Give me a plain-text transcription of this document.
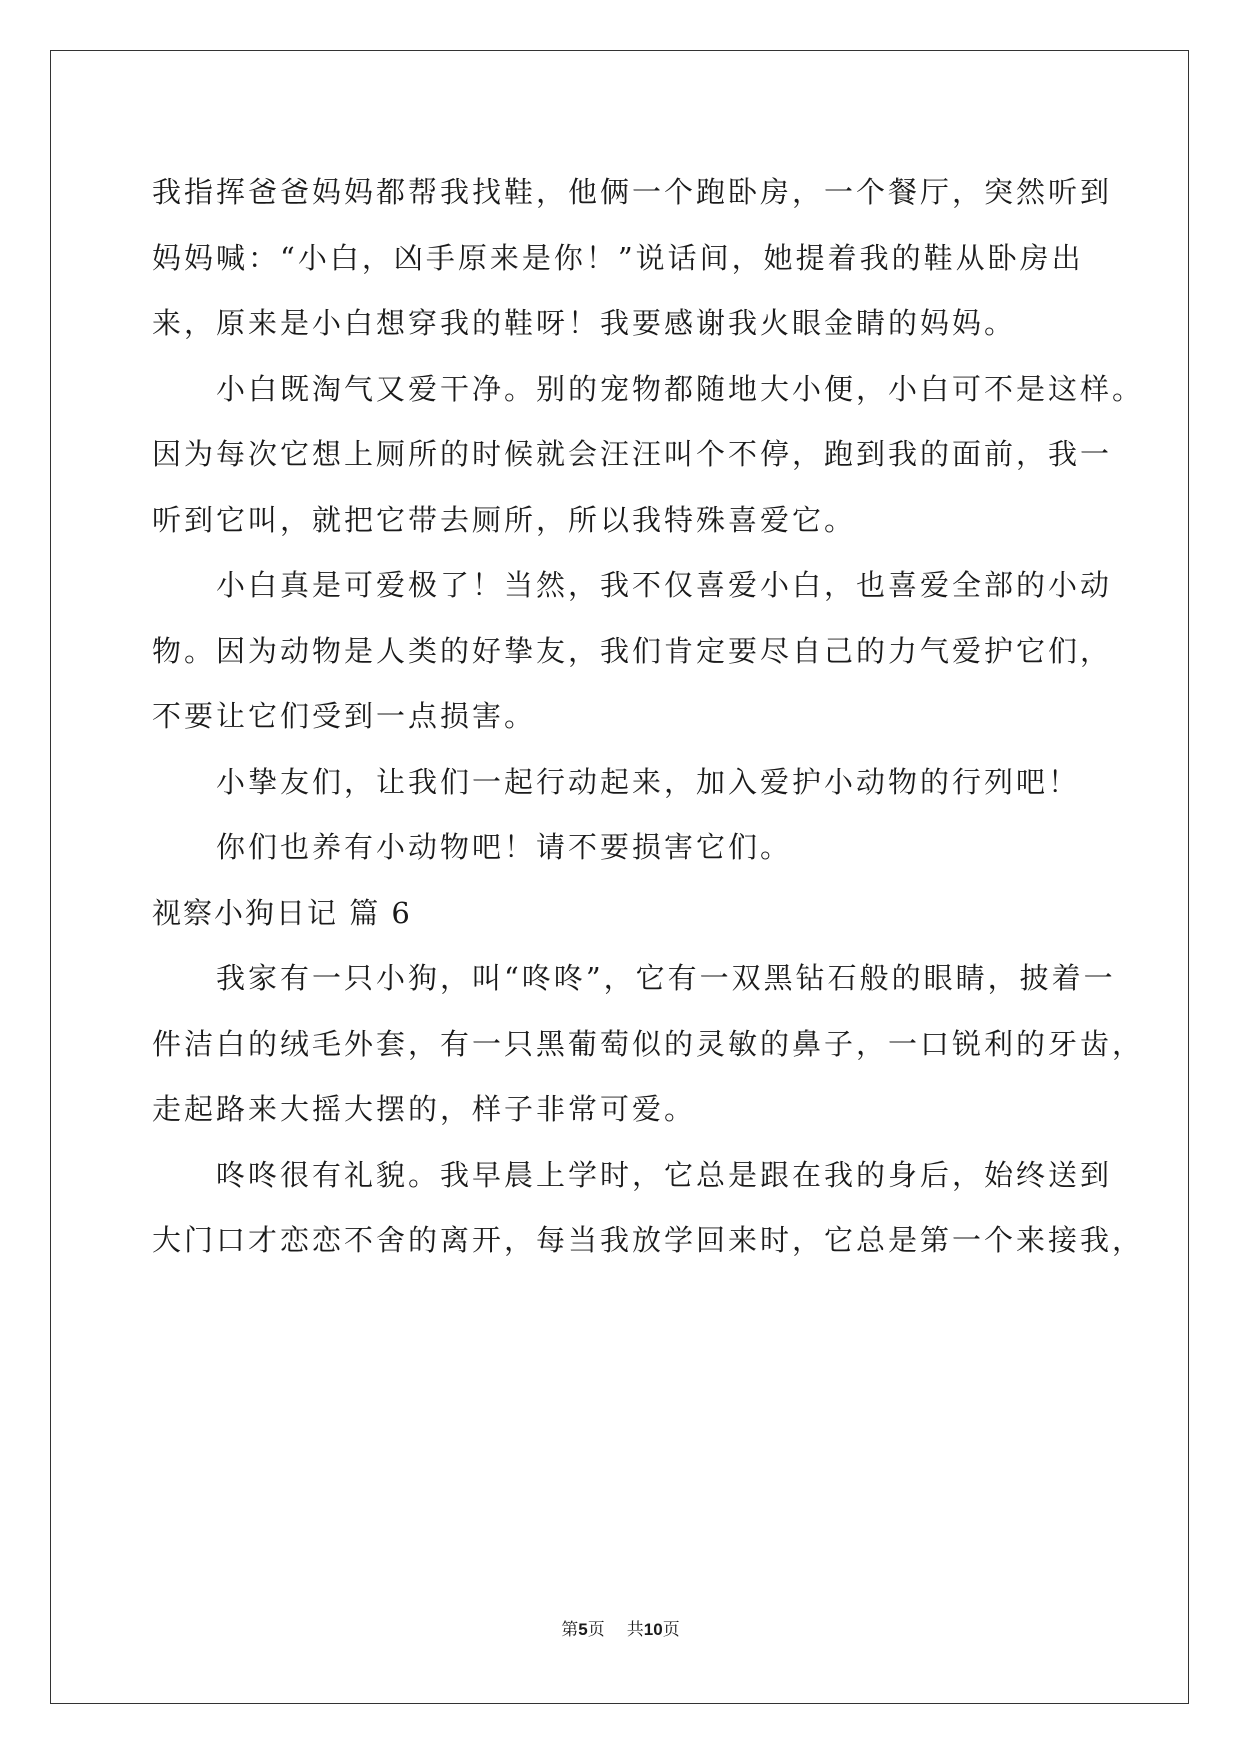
我指挥爸爸妈妈都帮我找鞋，他俩一个跑卧房，一个餐厅，突然听到
妈妈喊：“小白，凶手原来是你！”说话间，她提着我的鞋从卧房出
来，原来是小白想穿我的鞋呀！我要感谢我火眼金睛的妈妈。
小白既淘气又爱干净。别的宠物都随地大小便，小白可不是这样。
因为每次它想上厕所的时候就会汪汪叫个不停，跑到我的面前，我一
听到它叫，就把它带去厕所，所以我特殊喜爱它。
小白真是可爱极了！当然，我不仅喜爱小白，也喜爱全部的小动
物。因为动物是人类的好挚友，我们肯定要尽自己的力气爱护它们，
不要让它们受到一点损害。
小挚友们，让我们一起行动起来，加入爱护小动物的行列吧！
你们也养有小动物吧！请不要损害它们。
视察小狗日记 篇 6
我家有一只小狗，叫“咚咚”，它有一双黑钻石般的眼睛，披着一
件洁白的绒毛外套，有一只黑葡萄似的灵敏的鼻子，一口锐利的牙齿，
走起路来大摇大摆的，样子非常可爱。
咚咚很有礼貌。我早晨上学时，它总是跟在我的身后，始终送到
大门口才恋恋不舍的离开，每当我放学回来时，它总是第一个来接我，
第5页 共10页
